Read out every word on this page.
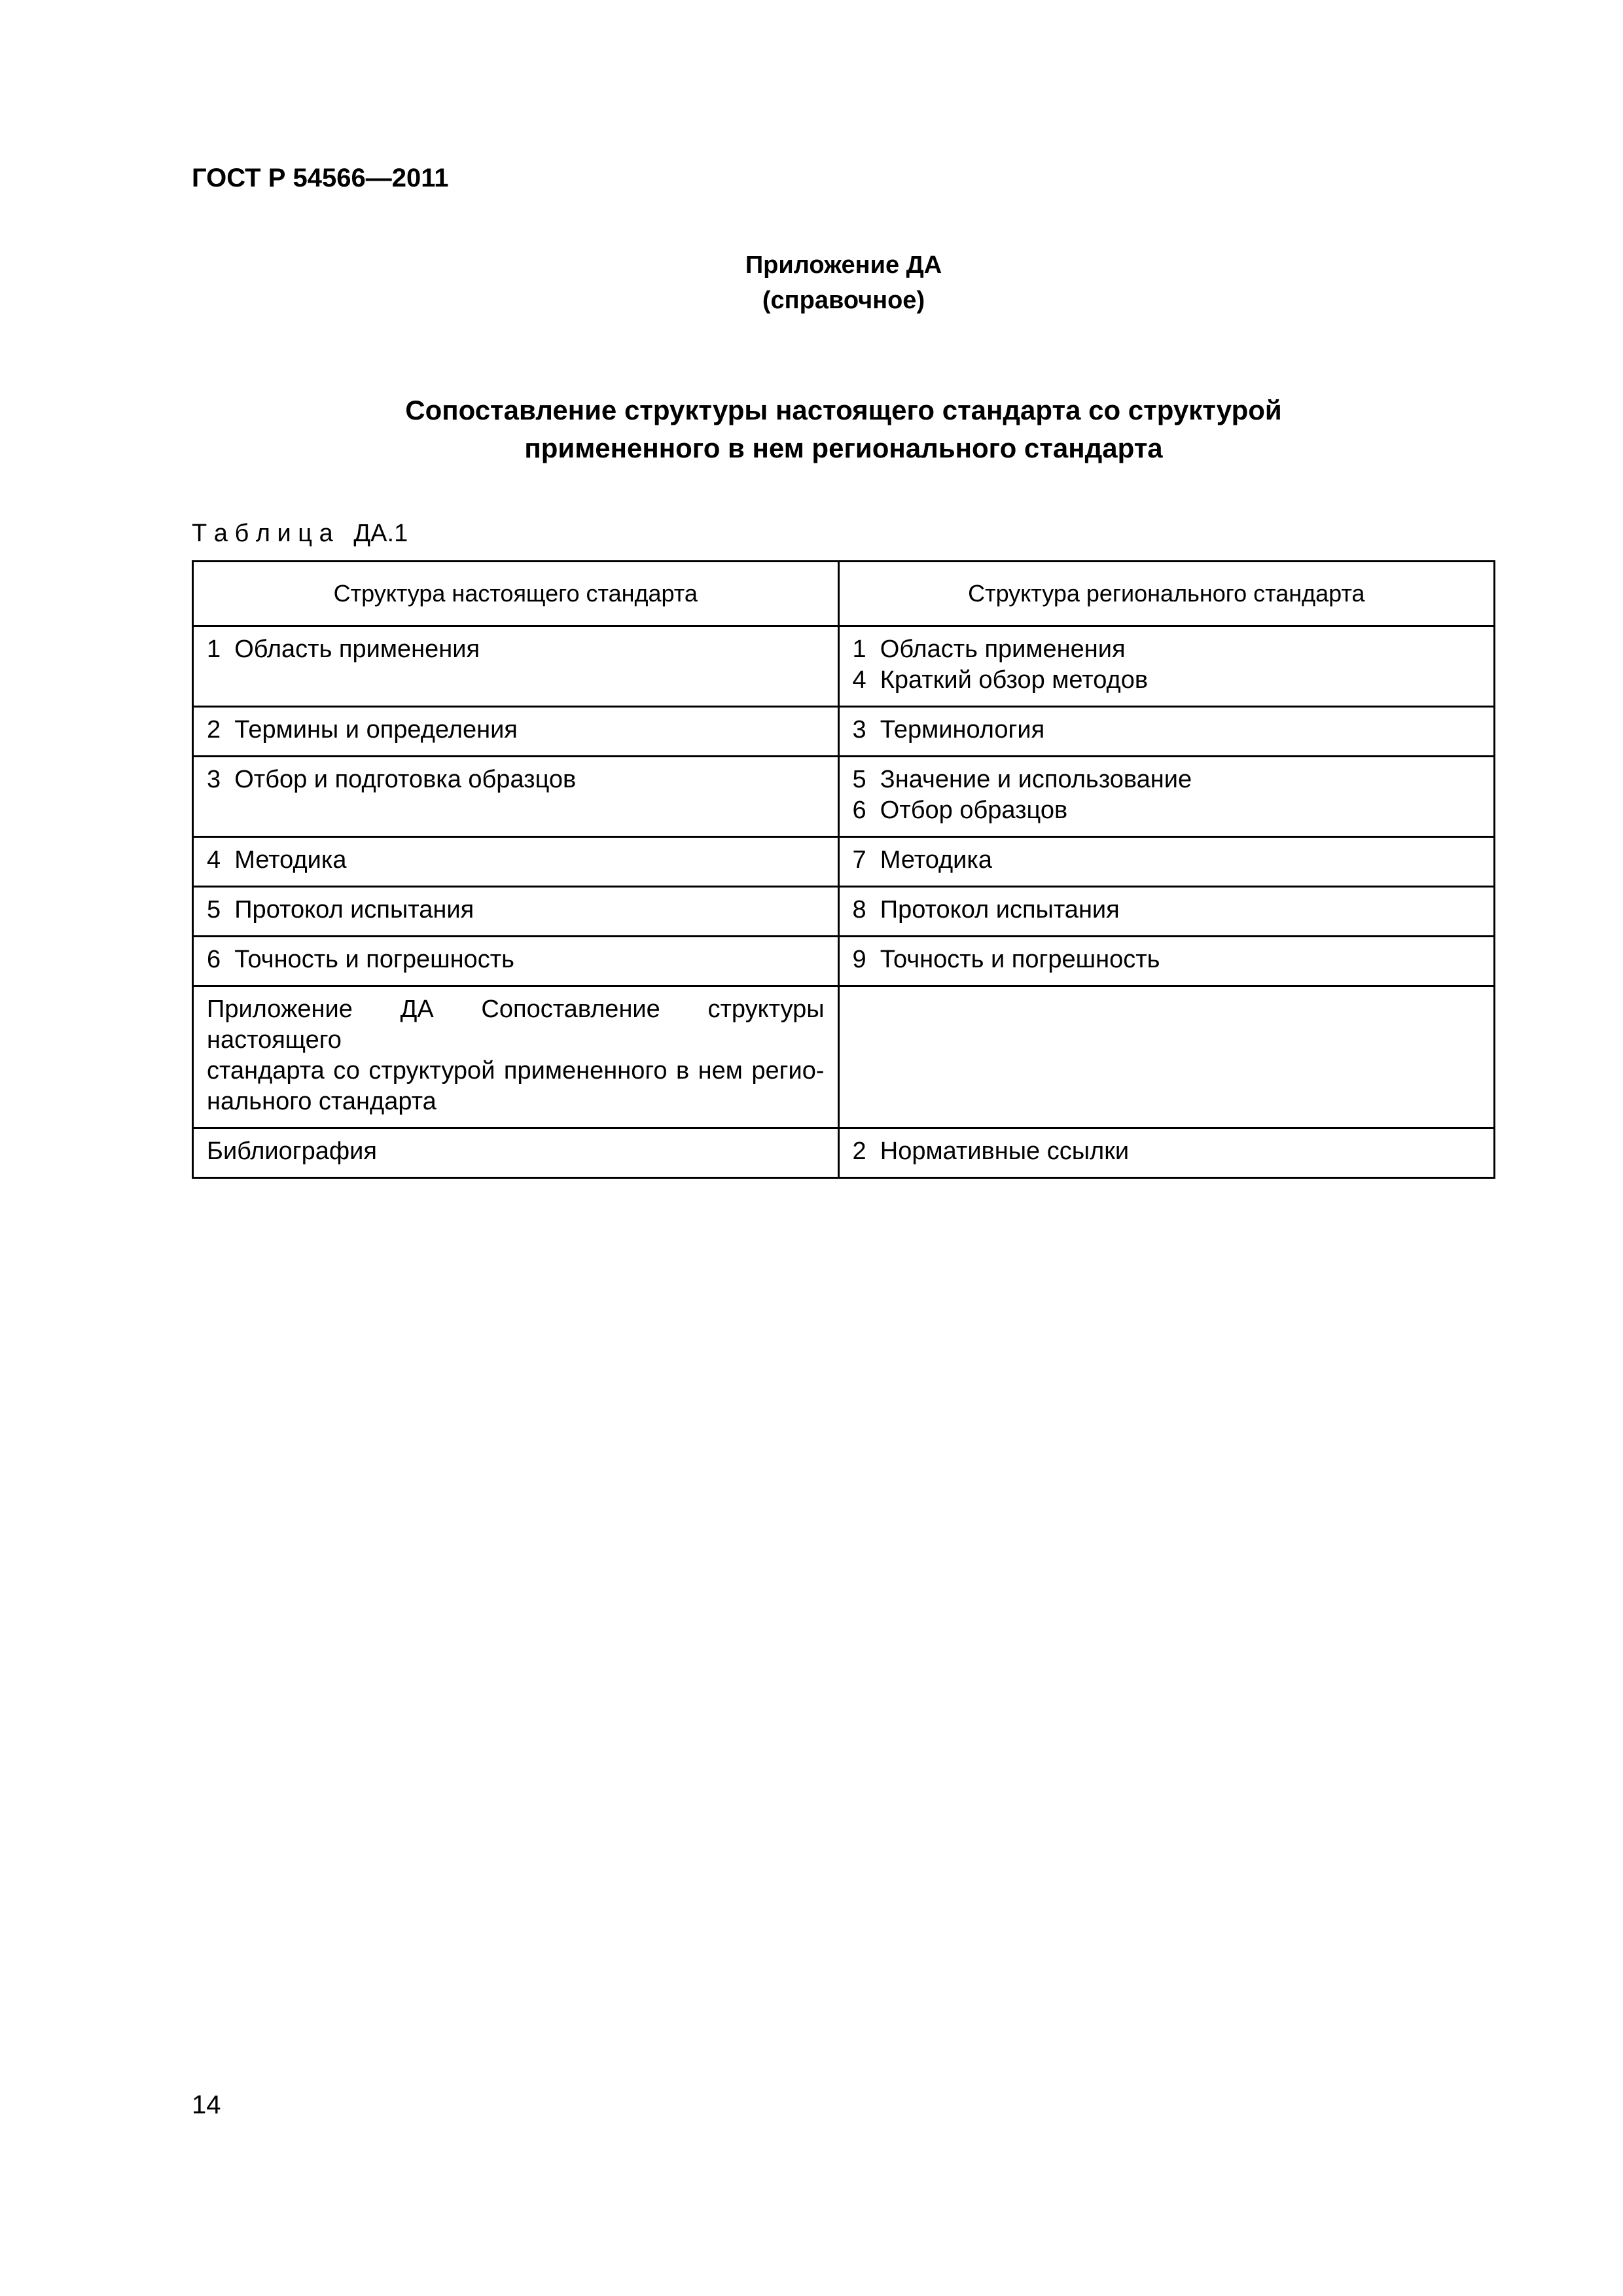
ГОСТ Р 54566—2011
Приложение ДА
(справочное)
Сопоставление структуры настоящего стандарта со структурой
примененного в нем регионального стандарта
Т а б л и ц а   ДА.1
Структура настоящего стандарта	Структура регионального стандарта

1  Область применения	1  Область применения
4  Краткий обзор методов

2  Термины и определения	3  Терминология

3  Отбор и подготовка образцов	5  Значение и использование
6  Отбор образцов

4  Методика	7  Методика

5  Протокол испытания	8  Протокол испытания

6  Точность и погрешность	9  Точность и погрешность

Приложение ДА Сопоставление структуры настоящего
стандарта со структурой примененного в нем регио-
нального стандарта	

Библиография	2  Нормативные ссылки
14
